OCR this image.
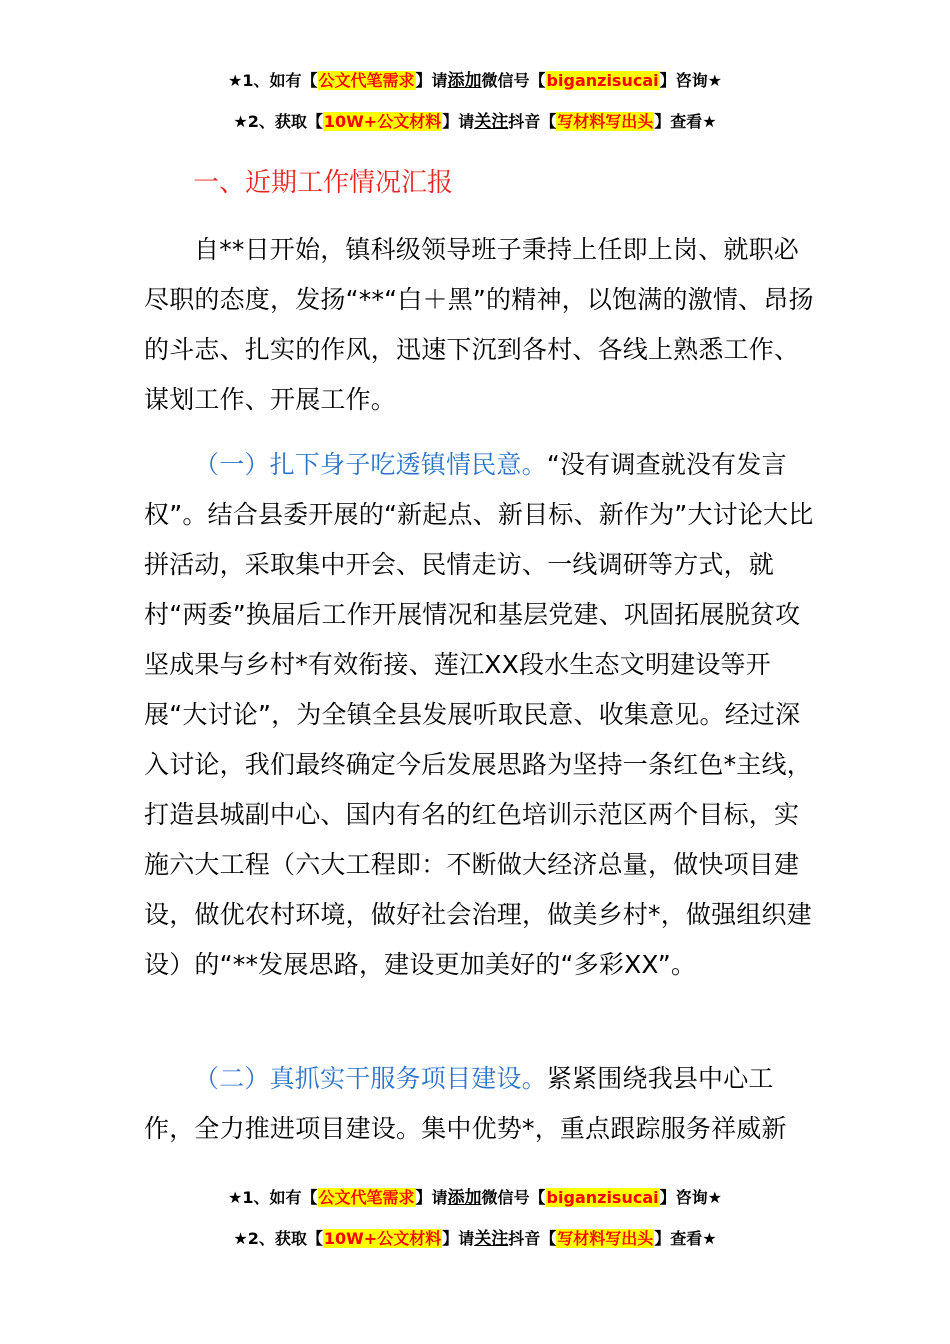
★1、如有【公文代笔需求】请添加微信号【biganzisucai】咨询★
★2、获取【10W+公文材料】请关注抖音【写材料写出头】查看★
一、近期工作情况汇报

自**日开始，镇科级领导班子秉持上任即上岗、就职必尽职的态度，发扬“**“白＋黑”的精神，以饱满的激情、昂扬的斗志、扎实的作风，迅速下沉到各村、各线上熟悉工作、谋划工作、开展工作。

（一）扎下身子吃透镇情民意。“没有调查就没有发言权”。结合县委开展的“新起点、新目标、新作为”大讨论大比拼活动，采取集中开会、民情走访、一线调研等方式，就村“两委”换届后工作开展情况和基层党建、巩固拓展脱贫攻坚成果与乡村*有效衔接、莲江XX段水生态文明建设等开展“大讨论”，为全镇全县发展听取民意、收集意见。经过深入讨论，我们最终确定今后发展思路为坚持一条红色*主线，打造县城副中心、国内有名的红色培训示范区两个目标，实施六大工程（六大工程即：不断做大经济总量，做快项目建设，做优农村环境，做好社会治理，做美乡村*，做强组织建设）的“**发展思路，建设更加美好的“多彩XX”。

（二）真抓实干服务项目建设。紧紧围绕我县中心工作，全力推进项目建设。集中优势*，重点跟踪服务祥威新

★1、如有【公文代笔需求】请添加微信号【biganzisucai】咨询★
★2、获取【10W+公文材料】请关注抖音【写材料写出头】查看★
